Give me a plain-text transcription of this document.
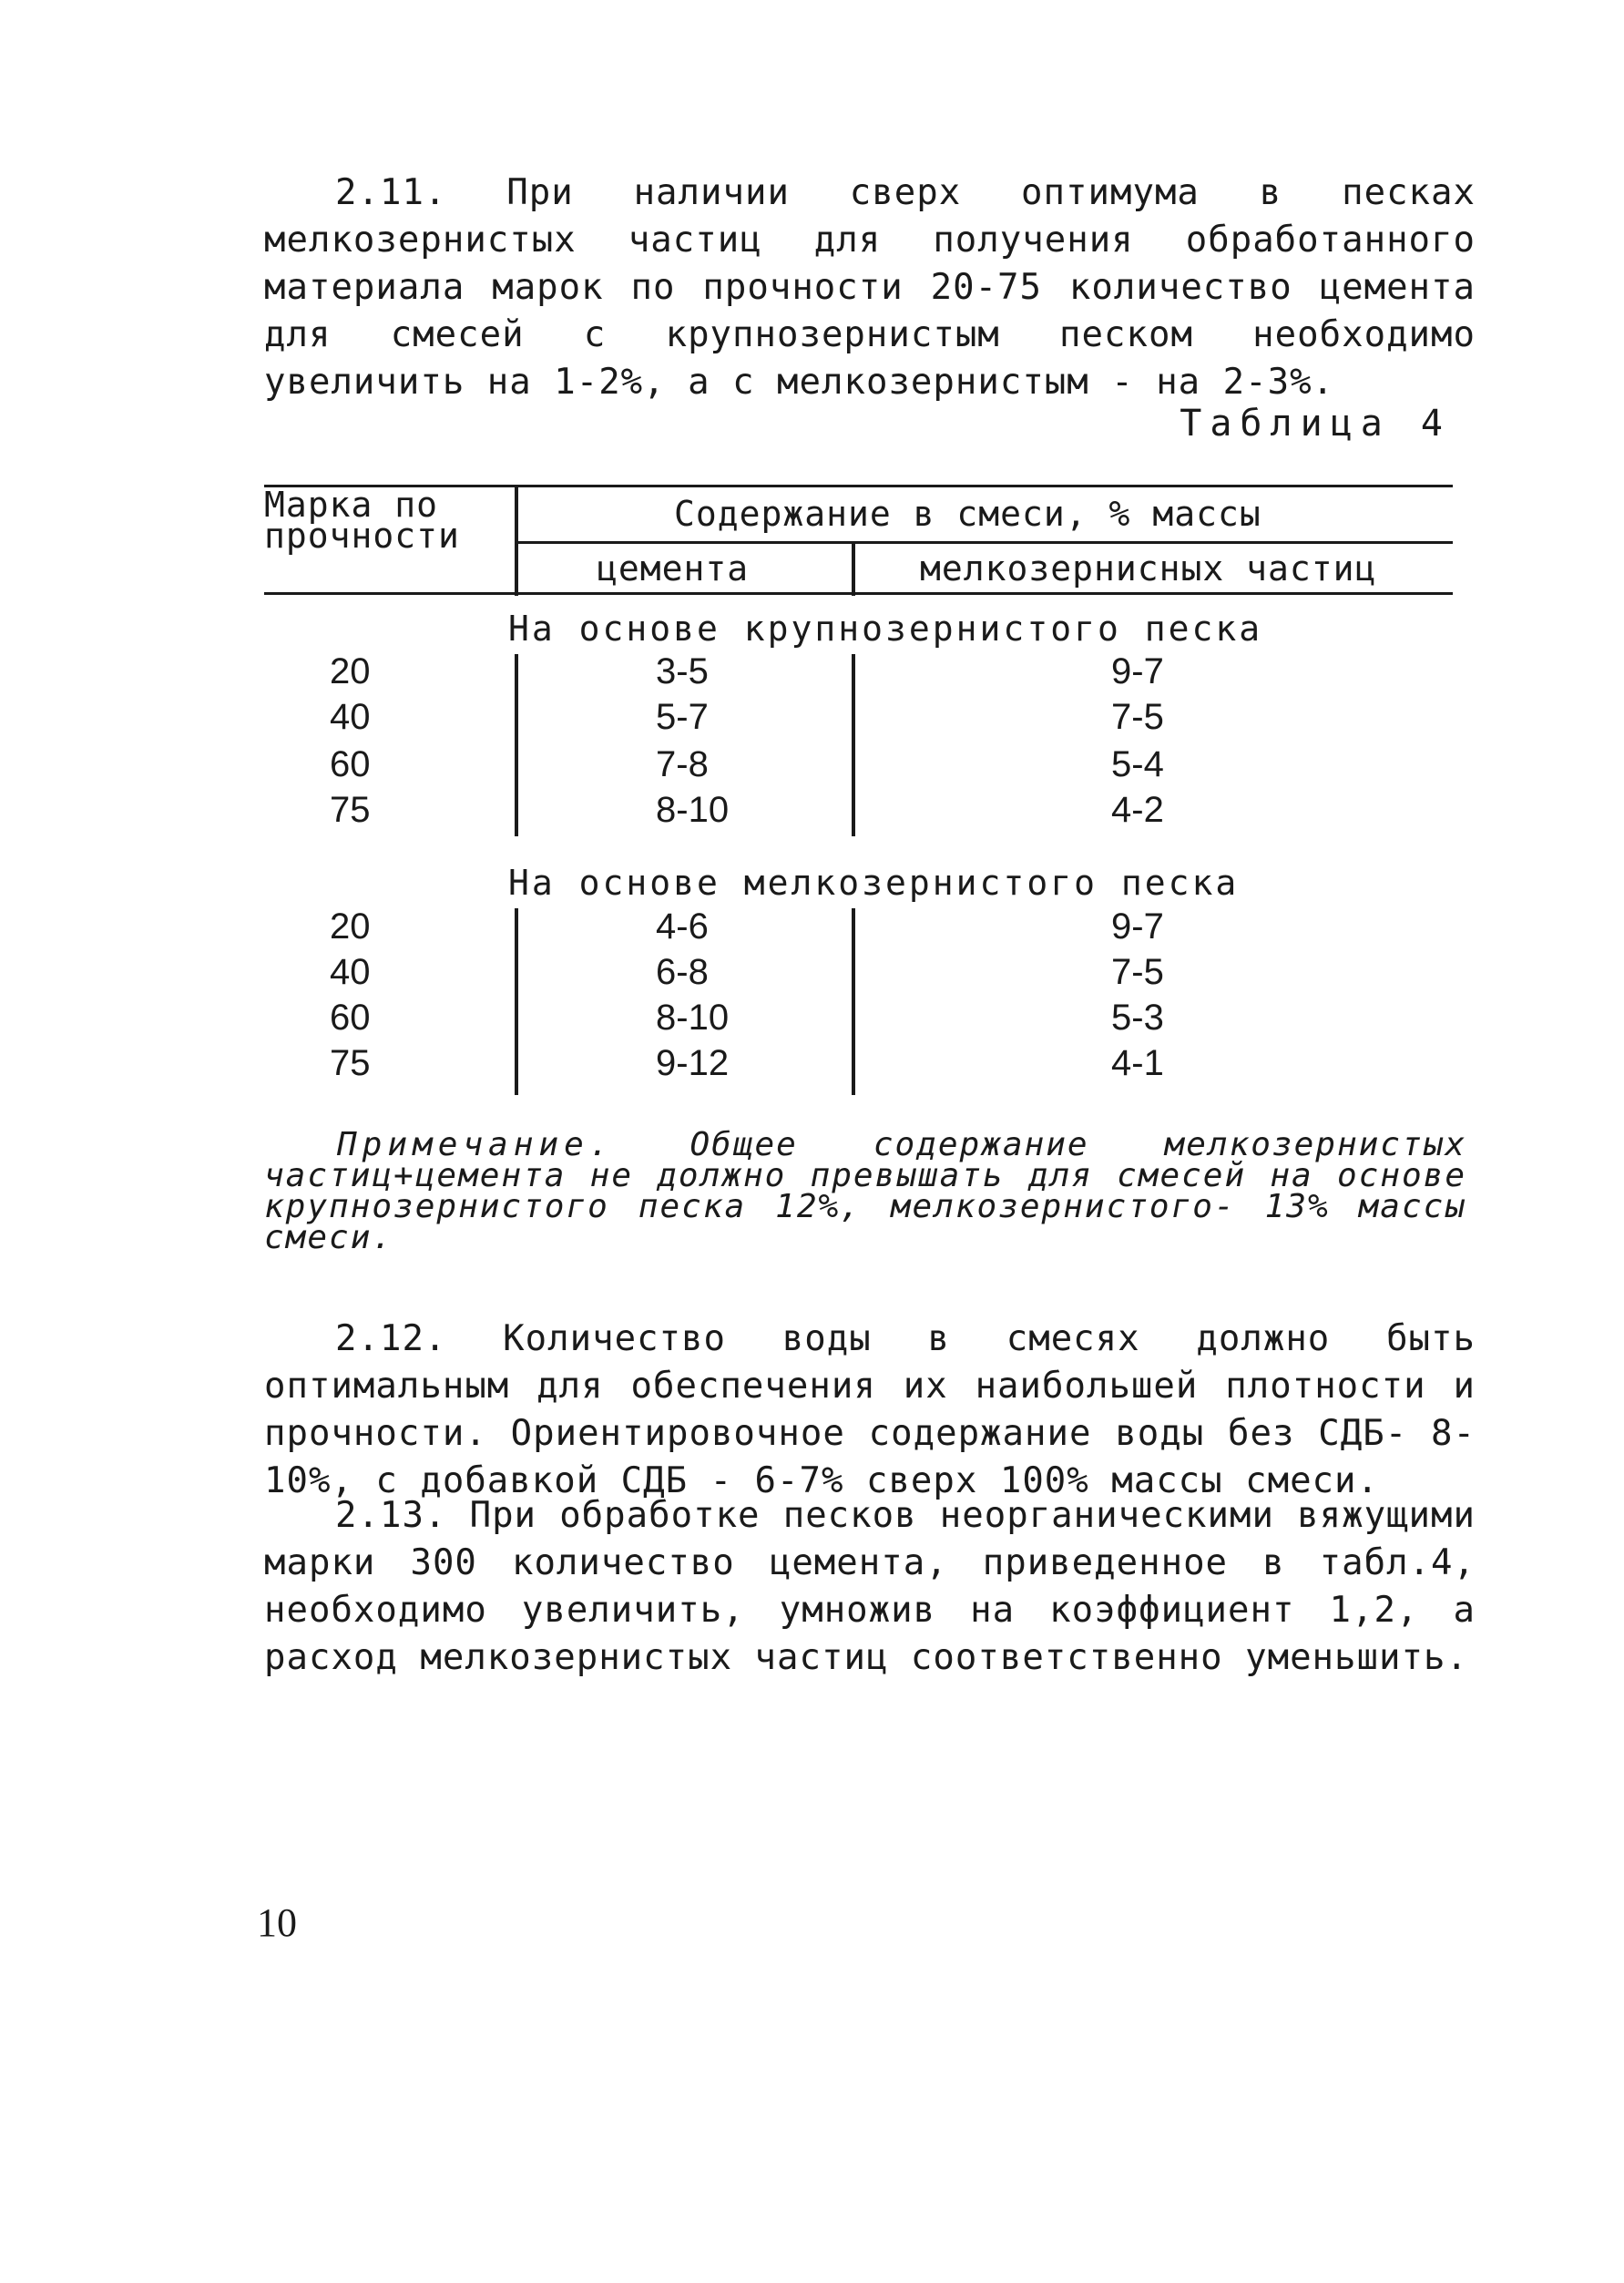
2.11. При наличии сверх оптимума в песках мелкозернистых частиц для получения обработанного материала марок по прочности 20-75 количество цемента для смесей с крупнозернистым песком необходимо увеличить на 1-2%, а с мелкозернистым - на 2-3%.

Таблица 4
Марка по
прочности
Содержание в смеси, % массы
цемента	мелкозернисных частиц
На основе крупнозернистого песка
20	3-5	9-7
40	5-7	7-5
60	7-8	5-4
75	8-10	4-2
На основе мелкозернистого песка
20	4-6	9-7
40	6-8	7-5
60	8-10	5-3
75	9-12	4-1

Примечание. Общее содержание мелкозернистых частиц+цемента не должно превышать для смесей на основе крупнозернистого песка 12%, мелкозернистого- 13% массы смеси.

2.12. Количество воды в смесях должно быть оптимальным для обеспечения их наибольшей плотности и прочности. Ориентировочное содержание воды без СДБ- 8-10%, с добавкой СДБ - 6-7% сверх 100% массы смеси.

2.13. При обработке песков неорганическими вяжущими марки 300 количество цемента, приведенное в табл.4, необходимо увеличить, умножив на коэффициент 1,2, а расход мелкозернистых частиц соответственно уменьшить.

10
